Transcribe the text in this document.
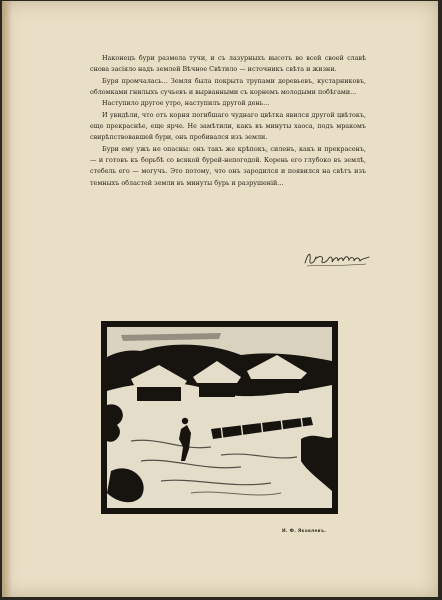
Наконецъ бури размела тучи, и съ лазурныхъ высотъ во всей своей славѣ снова засіяло надъ землей Вѣчное Свѣтило — источникъ свѣта и жизни.

Буря промчалась... Земля была покрыта трупами деревьевъ, кустарниковъ, обломками гнилыхъ сучьевъ и вырванными съ корнемъ молодыми побѣгами...

Наступило другое утро, наступилъ другой день...

И увидѣли, что отъ корня погибшаго чуднаго цвѣтка явился другой цвѣтокъ, еще прекраснѣе, еще ярче. Не замѣтили, какъ въ минуты хаоса, подъ мракомъ свирѣпствовавшей бури, онъ пробивался изъ земли.

Бури ему ужъ не опасны: онъ такъ же крѣпокъ, силенъ, какъ и прекрасенъ, — и готовъ къ борьбѣ со всякой бурей-непогодой. Корень его глубоко въ землѣ, стебель его — могучъ. Это потому, что онъ зародился и появился на свѣтъ изъ темныхъ областей земли въ минуты бурь и разрушеній...

И. Ф. Яковлевъ.
